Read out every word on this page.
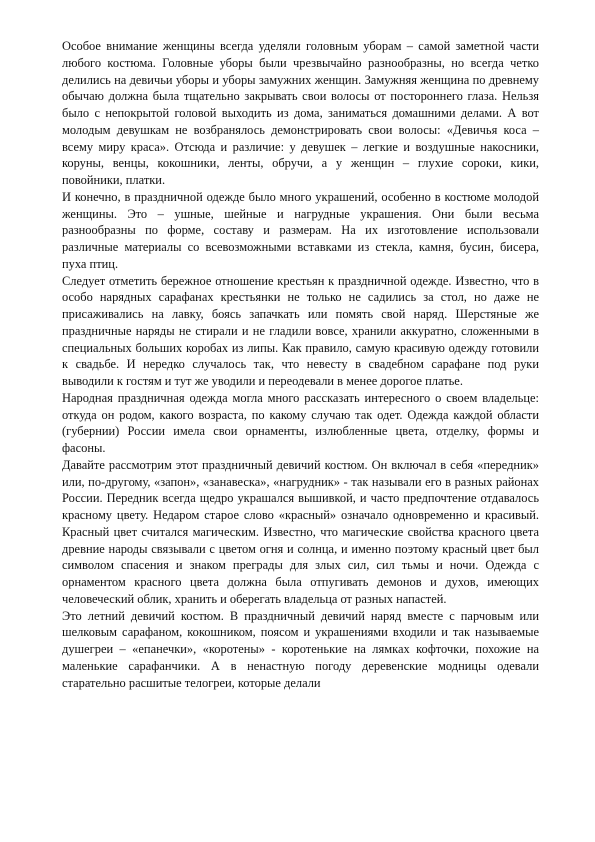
Особое внимание женщины всегда уделяли головным уборам – самой заметной части любого костюма. Головные уборы были чрезвычайно разнообразны, но всегда четко делились на девичьи уборы и уборы замужних женщин. Замужняя женщина по древнему обычаю должна была тщательно закрывать свои волосы от постороннего глаза. Нельзя было с непокрытой головой выходить из дома, заниматься домашними делами. А вот молодым девушкам не возбранялось демонстрировать свои волосы: «Девичья коса – всему миру краса». Отсюда и различие: у девушек – легкие и воздушные накосники, коруны, венцы, кокошники, ленты, обручи, а у женщин – глухие сороки, кики, повойники, платки.

И конечно, в праздничной одежде было много украшений, особенно в костюме молодой женщины. Это – ушные, шейные и нагрудные украшения. Они были весьма разнообразны по форме, составу и размерам. На их изготовление использовали различные материалы со всевозможными вставками из стекла, камня, бусин, бисера, пуха птиц.

Следует отметить бережное отношение крестьян к праздничной одежде. Известно, что в особо нарядных сарафанах крестьянки не только не садились за стол, но даже не присаживались на лавку, боясь запачкать или помять свой наряд. Шерстяные же праздничные наряды не стирали и не гладили вовсе, хранили аккуратно, сложенными в специальных больших коробах из липы. Как правило, самую красивую одежду готовили к свадьбе. И нередко случалось так, что невесту в свадебном сарафане под руки выводили к гостям и тут же уводили и переодевали в менее дорогое платье.

Народная праздничная одежда могла много рассказать интересного о своем владельце: откуда он родом, какого возраста, по какому случаю так одет. Одежда каждой области (губернии) России имела свои орнаменты, излюбленные цвета, отделку, формы и фасоны.

Давайте рассмотрим этот праздничный девичий костюм. Он включал в себя «передник» или, по-другому, «запон», «занавеска», «нагрудник» - так называли его в разных районах России. Передник всегда щедро украшался вышивкой, и часто предпочтение отдавалось красному цвету. Недаром старое слово «красный» означало одновременно и красивый. Красный цвет считался магическим. Известно, что магические свойства красного цвета древние народы связывали с цветом огня и солнца, и именно поэтому красный цвет был символом спасения и знаком преграды для злых сил, сил тьмы и ночи. Одежда с орнаментом красного цвета должна была отпугивать демонов и духов, имеющих человеческий облик, хранить и оберегать владельца от разных напастей.

Это летний девичий костюм. В праздничный девичий наряд вместе с парчовым или шелковым сарафаном, кокошником, поясом и украшениями входили и так называемые душегреи – «епанечки», «коротены» - коротенькие на лямках кофточки, похожие на маленькие сарафанчики. А в ненастную погоду деревенские модницы одевали старательно расшитые телогреи, которые делали
